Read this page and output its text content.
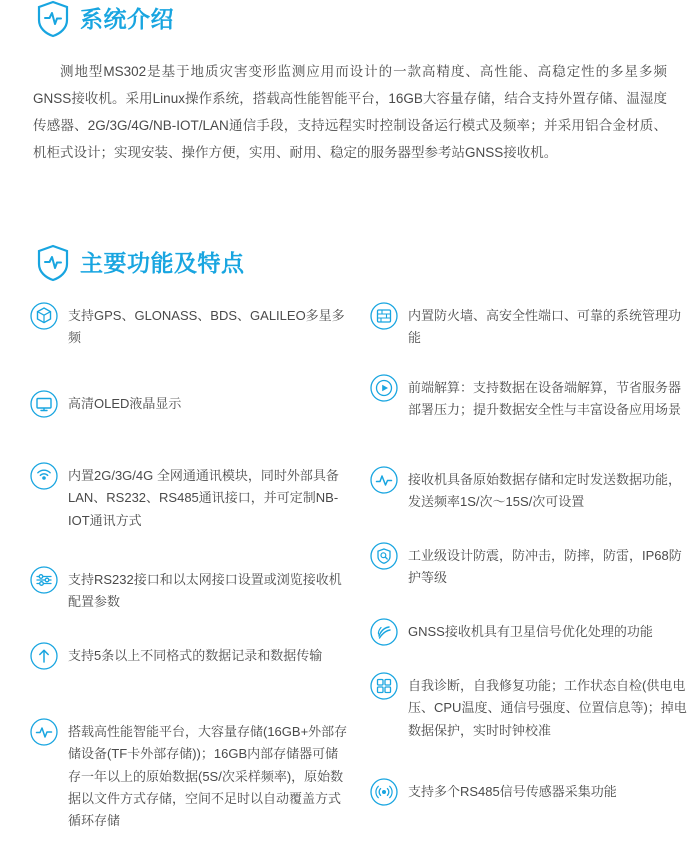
系统介绍

测地型MS302是基于地质灾害变形监测应用而设计的一款高精度、高性能、高稳定性的多星多频GNSS接收机。采用Linux操作系统，搭载高性能智能平台，16GB大容量存储，结合支持外置存储、温湿度传感器、2G/3G/4G/NB-IOT/LAN通信手段，支持远程实时控制设备运行模式及频率；并采用铝合金材质、机柜式设计；实现安装、操作方便，实用、耐用、稳定的服务器型参考站GNSS接收机。

主要功能及特点
支持GPS、GLONASS、BDS、GALILEO多星多频
高清OLED液晶显示
内置2G/3G/4G 全网通通讯模块，同时外部具备LAN、RS232、RS485通讯接口，并可定制NB-IOT通讯方式
支持RS232接口和以太网接口设置或浏览接收机配置参数
支持5条以上不同格式的数据记录和数据传输
搭载高性能智能平台，大容量存储(16GB+外部存储设备(TF卡外部存储))；16GB内部存储器可储存一年以上的原始数据(5S/次采样频率)，原始数据以文件方式存储，空间不足时以自动覆盖方式循环存储
内置防火墙、高安全性端口、可靠的系统管理功能
前端解算：支持数据在设备端解算，节省服务器部署压力；提升数据安全性与丰富设备应用场景
接收机具备原始数据存储和定时发送数据功能，发送频率1S/次～15S/次可设置
工业级设计防震，防冲击，防摔，防雷，IP68防护等级
GNSS接收机具有卫星信号优化处理的功能
自我诊断，自我修复功能；工作状态自检(供电电压、CPU温度、通信号强度、位置信息等)；掉电数据保护，实时时钟校准
支持多个RS485信号传感器采集功能
